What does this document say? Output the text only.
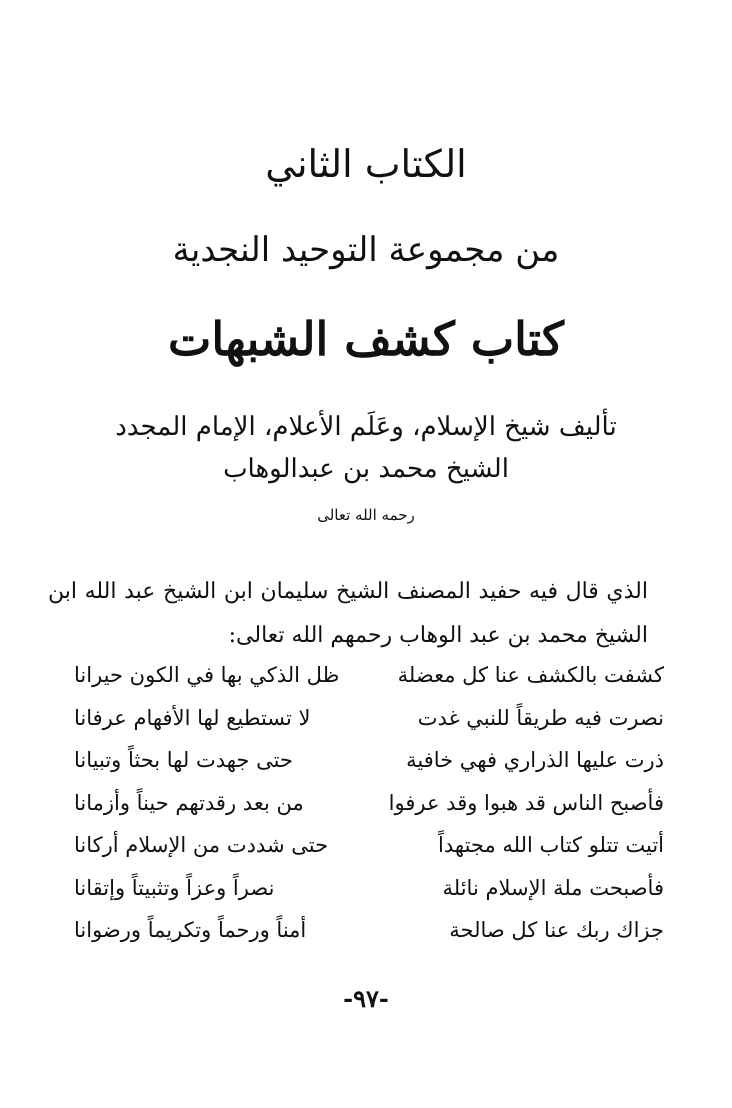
الكتاب الثاني
من مجموعة التوحيد النجدية
كتاب كشف الشبهات
تأليف شيخ الإسلام، وعَلَم الأعلام، الإمام المجدد
الشيخ محمد بن عبدالوهاب
رحمه الله تعالى
الذي قال فيه حفيد المصنف الشيخ سليمان ابن الشيخ عبد الله ابن الشيخ محمد بن عبد الوهاب رحمهم الله تعالى:
كشفت بالكشف عنا كل معضلة
ظل الذكي بها في الكون حيرانا
نصرت فيه طريقاً للنبي غدت
لا تستطيع لها الأفهام عرفانا
ذرت عليها الذراري فهي خافية
حتى جهدت لها بحثاً وتبيانا
فأصبح الناس قد هبوا وقد عرفوا
من بعد رقدتهم حيناً وأزمانا
أتيت تتلو كتاب الله مجتهداً
حتى شددت من الإسلام أركانا
فأصبحت ملة الإسلام نائلة
نصراً وعزاً وتثبيتاً وإتقانا
جزاك ربك عنا كل صالحة
أمناً ورحماً وتكريماً ورضوانا
-٩٧-
